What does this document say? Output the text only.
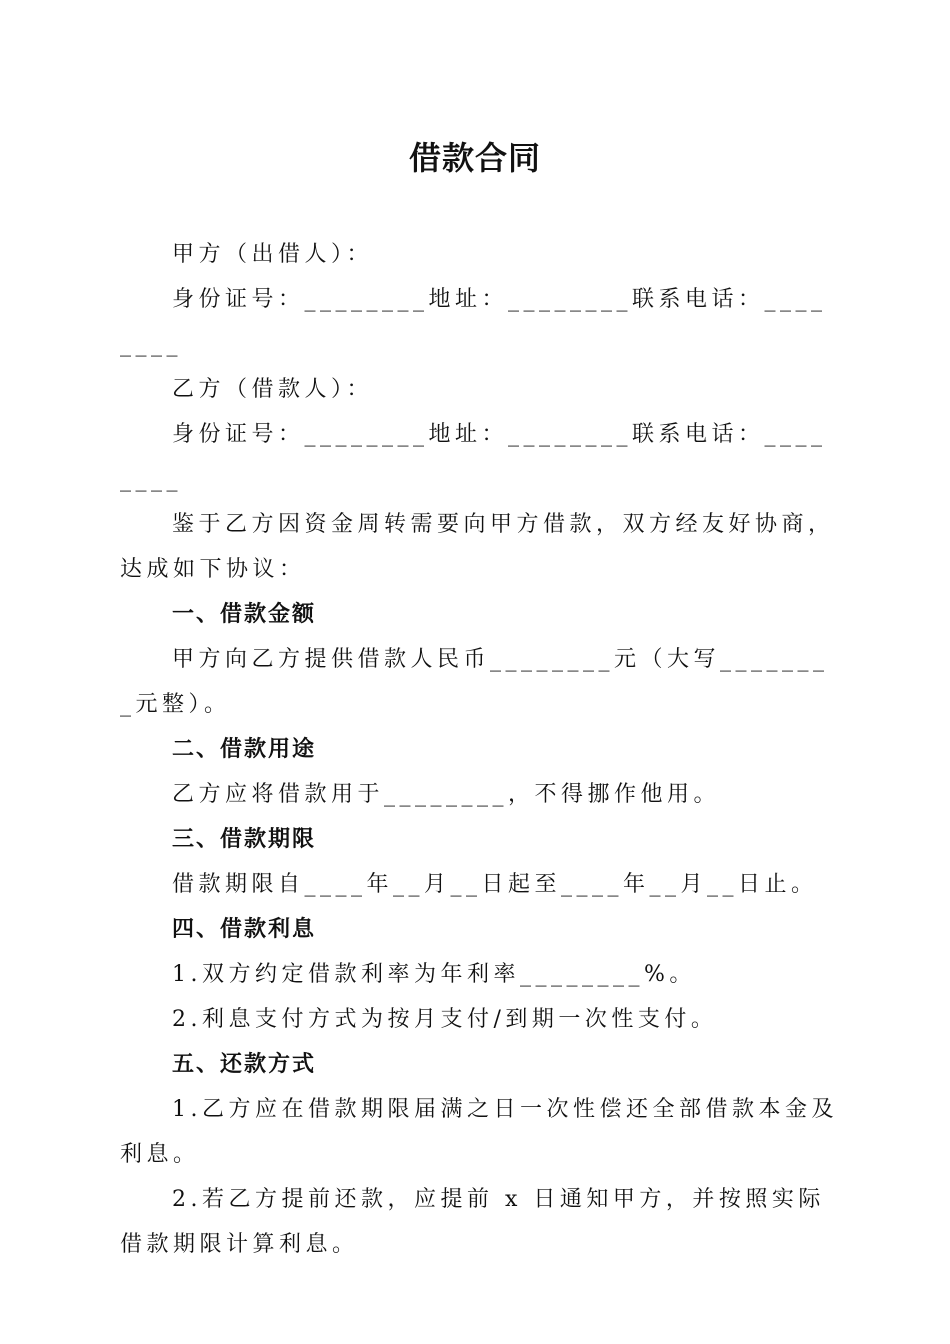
借款合同

甲方（出借人）：

身份证号：________地址：________联系电话：________

乙方（借款人）：

身份证号：________地址：________联系电话：________

鉴于乙方因资金周转需要向甲方借款，双方经友好协商，达成如下协议：

一、借款金额

甲方向乙方提供借款人民币________元（大写________元整）。

二、借款用途

乙方应将借款用于________，不得挪作他用。

三、借款期限

借款期限自____年__月__日起至____年__月__日止。

四、借款利息

1.双方约定借款利率为年利率________%。

2.利息支付方式为按月支付/到期一次性支付。

五、还款方式

1.乙方应在借款期限届满之日一次性偿还全部借款本金及利息。

2.若乙方提前还款，应提前 x 日通知甲方，并按照实际借款期限计算利息。
